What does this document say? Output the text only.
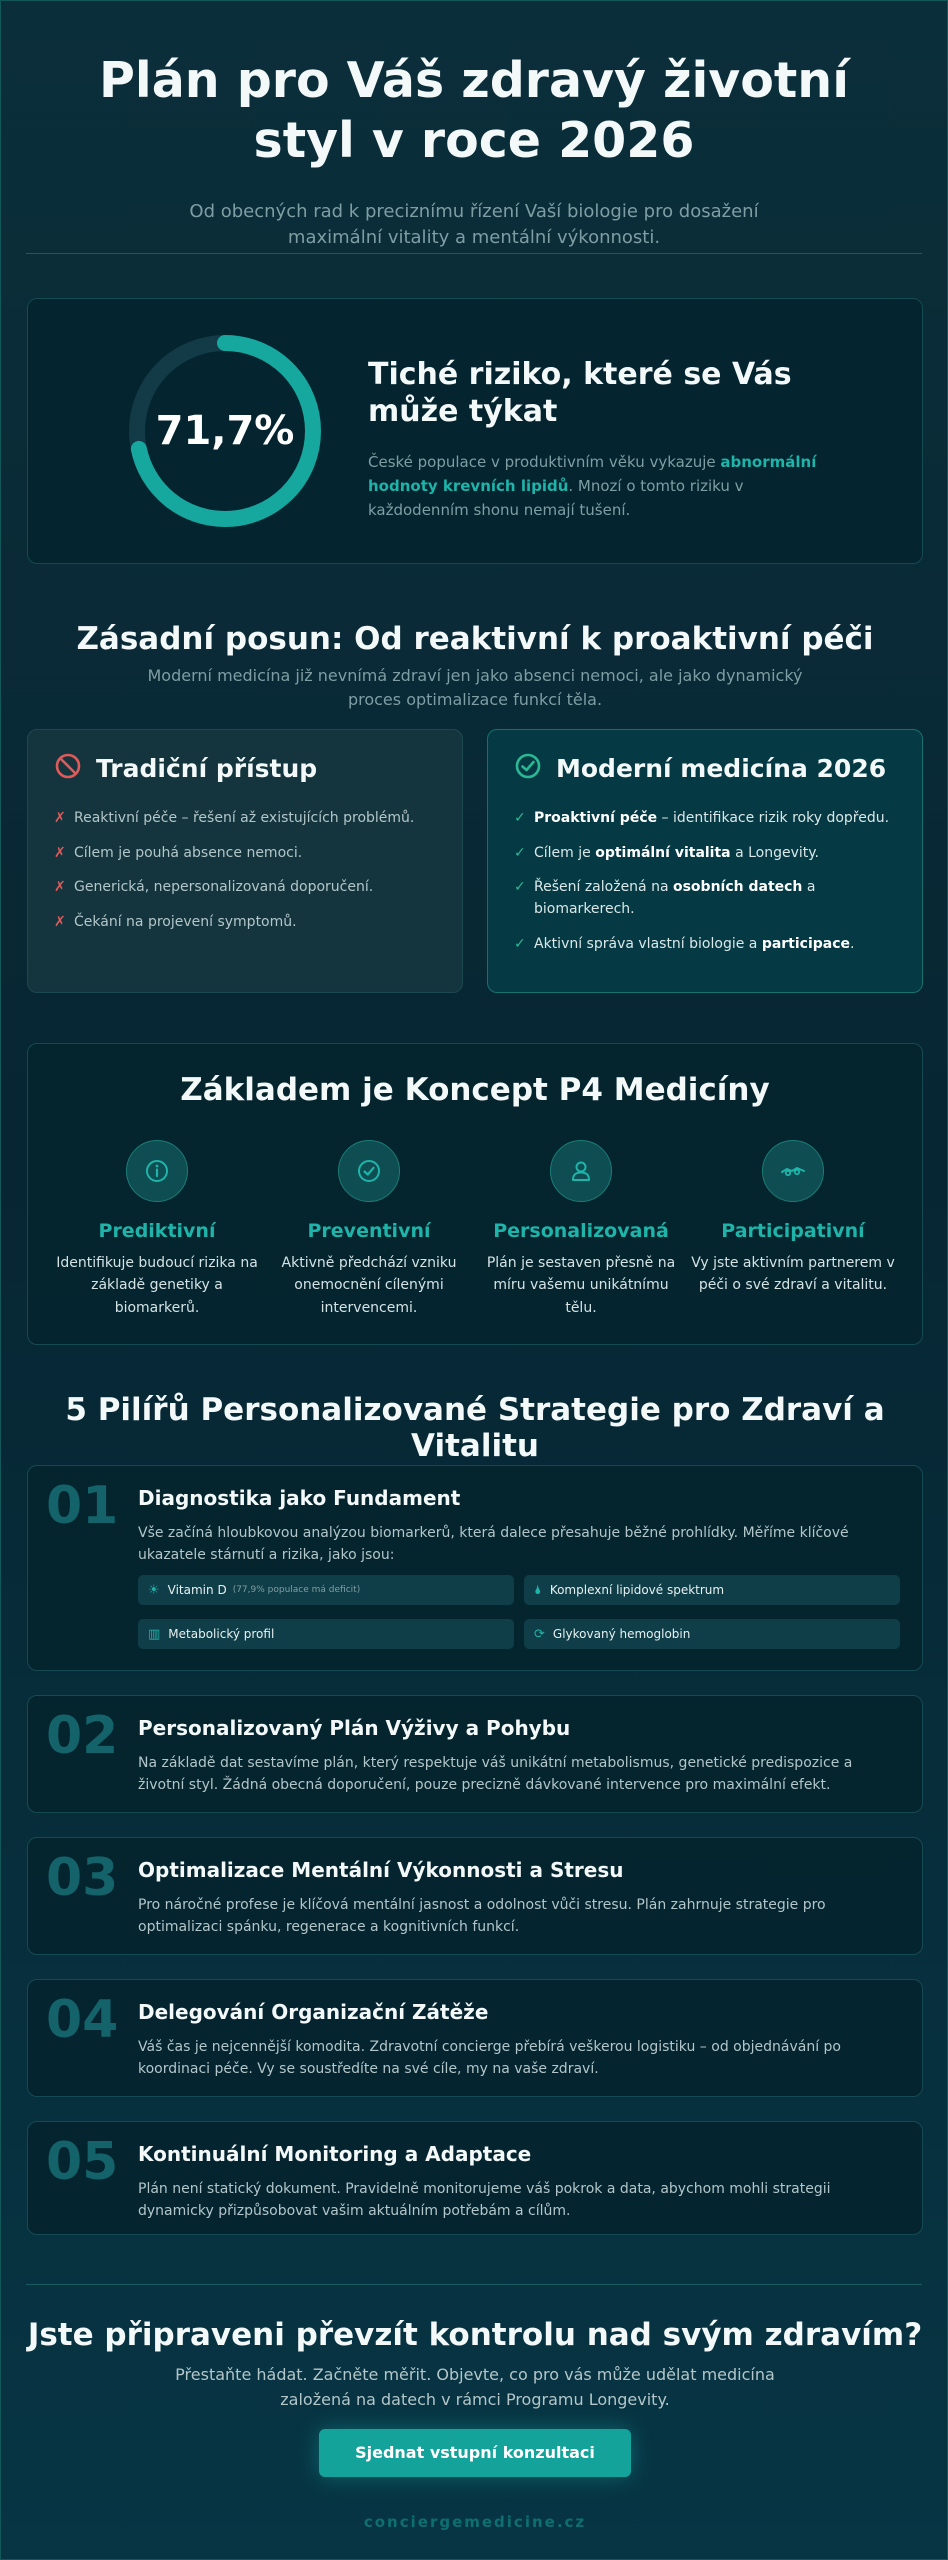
Plán pro Váš zdravý životní styl v roce 2026

Od obecných rad k preciznímu řízení Vaší biologie pro dosažení maximální vitality a mentální výkonnosti.

71,7%
Tiché riziko, které se Vás může týkat
České populace v produktivním věku vykazuje abnormální hodnoty krevních lipidů. Mnozí o tomto riziku v každodenním shonu nemají tušení.
Zásadní posun: Od reaktivní k proaktivní péči
Moderní medicína již nevnímá zdraví jen jako absenci nemoci, ale jako dynamický proces optimalizace funkcí těla.
Tradiční přístup
✗ Reaktivní péče – řešení až existujících problémů.
✗ Cílem je pouhá absence nemoci.
✗ Generická, nepersonalizovaná doporučení.
✗ Čekání na projevení symptomů.
Moderní medicína 2026
✓ Proaktivní péče – identifikace rizik roky dopředu.
✓ Cílem je optimální vitalita a Longevity.
✓ Řešení založená na osobních datech a biomarkerech.
✓ Aktivní správa vlastní biologie a participace.
Základem je Koncept P4 Medicíny
Prediktivní
Identifikuje budoucí rizika na základě genetiky a biomarkerů.
Preventivní
Aktivně předchází vzniku onemocnění cílenými intervencemi.
Personalizovaná
Plán je sestaven přesně na míru vašemu unikátnímu tělu.
Participativní
Vy jste aktivním partnerem v péči o své zdraví a vitalitu.
5 Pilířů Personalizované Strategie pro Zdraví a Vitalitu
01 Diagnostika jako Fundament
Vše začíná hloubkovou analýzou biomarkerů, která dalece přesahuje běžné prohlídky. Měříme klíčové ukazatele stárnutí a rizika, jako jsou:
☀ Vitamin D (77,9% populace má deficit)	🌢 Komplexní lipidové spektrum
▥ Metabolický profil	⟳ Glykovaný hemoglobin
02 Personalizovaný Plán Výživy a Pohybu
Na základě dat sestavíme plán, který respektuje váš unikátní metabolismus, genetické predispozice a životní styl. Žádná obecná doporučení, pouze precizně dávkované intervence pro maximální efekt.
03 Optimalizace Mentální Výkonnosti a Stresu
Pro náročné profese je klíčová mentální jasnost a odolnost vůči stresu. Plán zahrnuje strategie pro optimalizaci spánku, regenerace a kognitivních funkcí.
04 Delegování Organizační Zátěže
Váš čas je nejcennější komodita. Zdravotní concierge přebírá veškerou logistiku – od objednávání po koordinaci péče. Vy se soustředíte na své cíle, my na vaše zdraví.
05 Kontinuální Monitoring a Adaptace
Plán není statický dokument. Pravidelně monitorujeme váš pokrok a data, abychom mohli strategii dynamicky přizpůsobovat vašim aktuálním potřebám a cílům.
Jste připraveni převzít kontrolu nad svým zdravím?
Přestaňte hádat. Začněte měřit. Objevte, co pro vás může udělat medicína založená na datech v rámci Programu Longevity.
Sjednat vstupní konzultaci
conciergemedicine.cz
